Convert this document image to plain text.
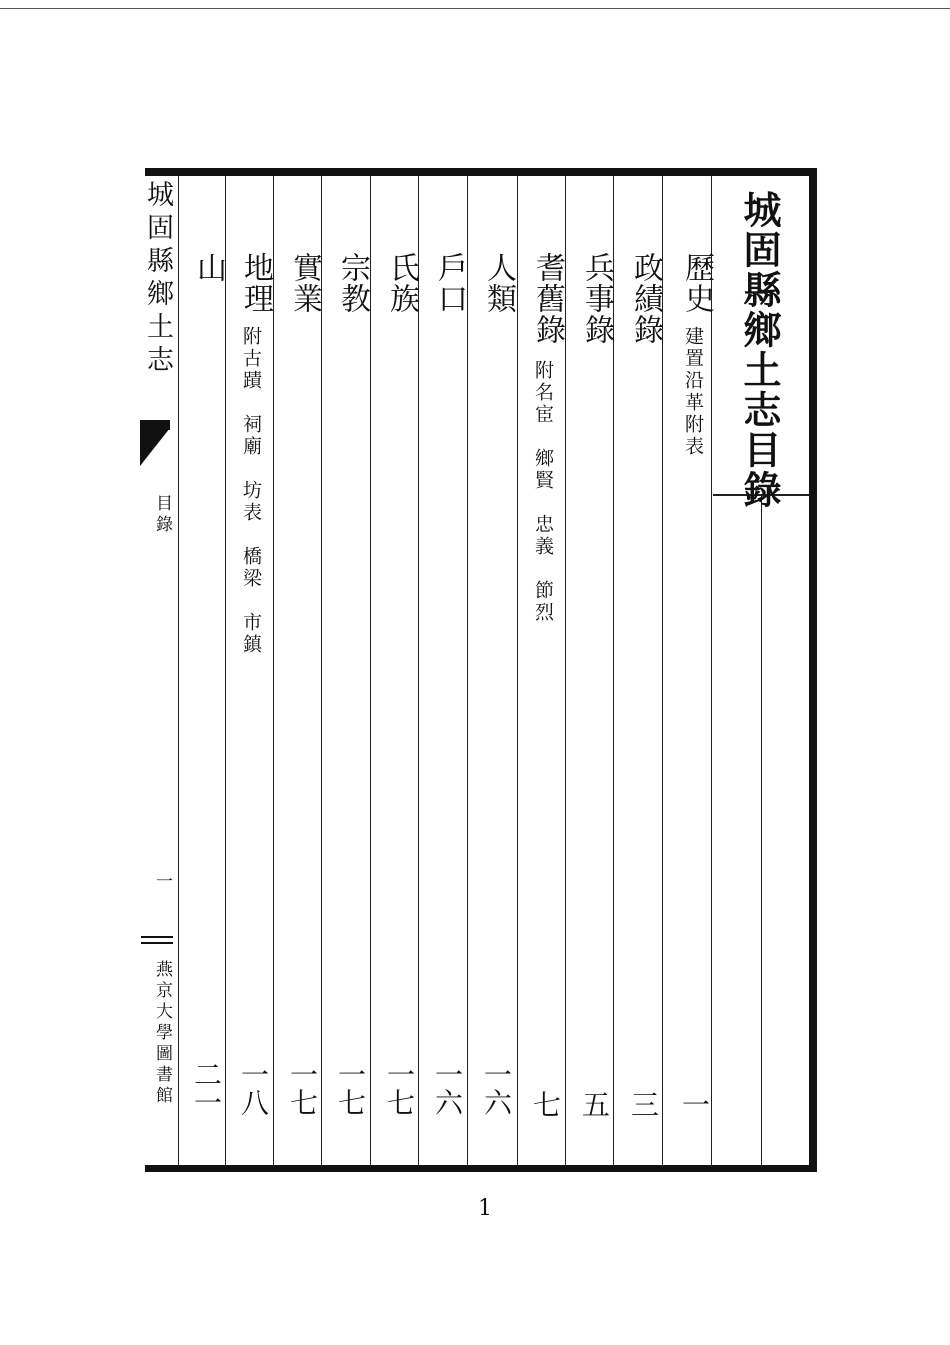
城固縣鄉土志目錄
歷史
政績錄
兵事錄
耆舊錄
人類
戶口
氏族
宗教
實業
地理
山
建置沿革附表
附名宦　鄉賢　忠義　節烈
附古蹟　祠廟　坊表　橋梁　市鎮
一
三
五
七
一六
一六
一七
一七
一七
一八
二一
城固縣鄉土志
目錄
一
燕京大學圖書館
1
